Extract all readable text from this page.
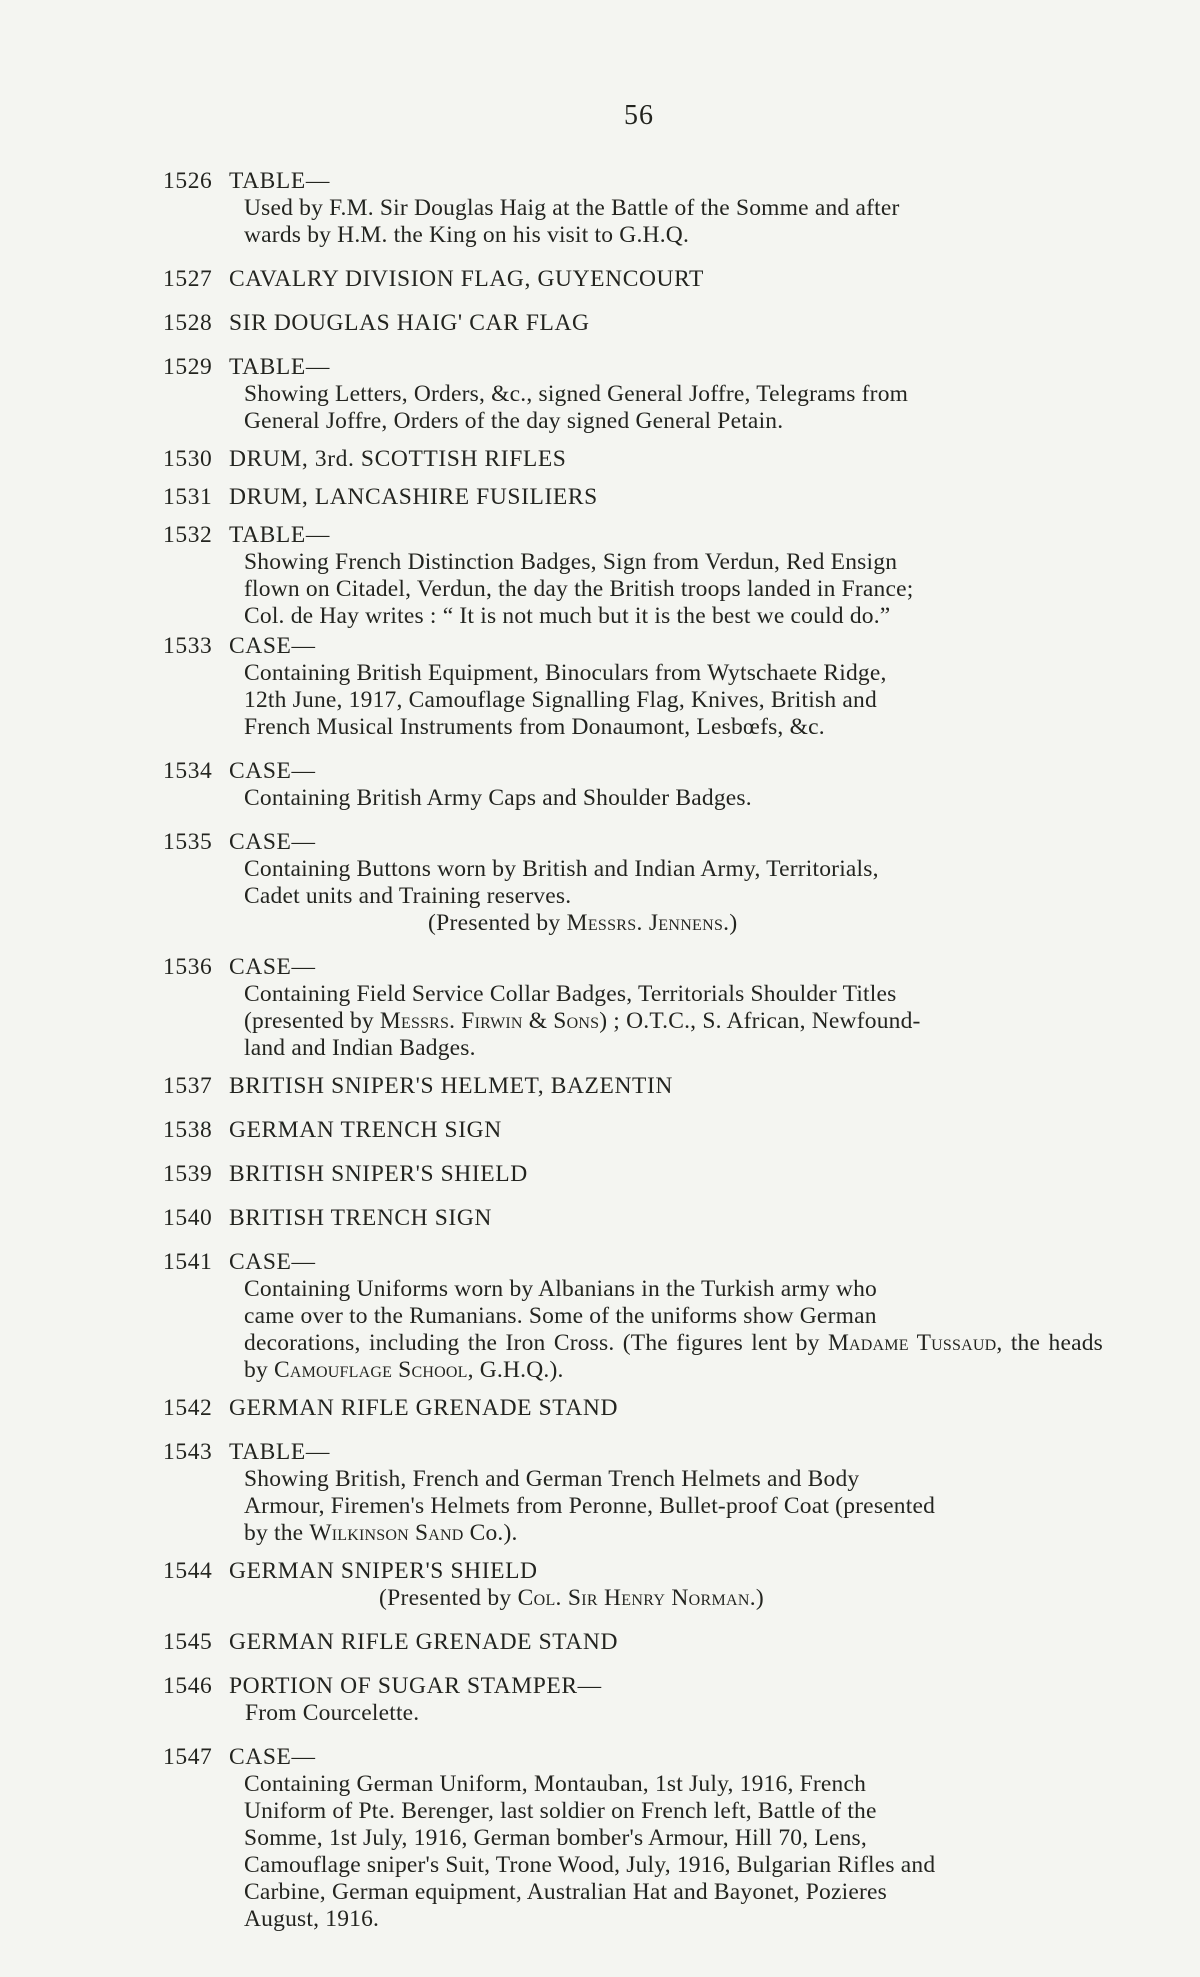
56
1526 TABLE—
Used by F.M. Sir Douglas Haig at the Battle of the Somme and after
wards by H.M. the King on his visit to G.H.Q.
1527 CAVALRY DIVISION FLAG, GUYENCOURT
1528 SIR DOUGLAS HAIG' CAR FLAG
1529 TABLE—
Showing Letters, Orders, &c., signed General Joffre, Telegrams from
General Joffre, Orders of the day signed General Petain.
1530 DRUM, 3rd. SCOTTISH RIFLES
1531 DRUM, LANCASHIRE FUSILIERS
1532 TABLE—
Showing French Distinction Badges, Sign from Verdun, Red Ensign
flown on Citadel, Verdun, the day the British troops landed in France;
Col. de Hay writes : “ It is not much but it is the best we could do.”
1533 CASE—
Containing British Equipment, Binoculars from Wytschaete Ridge,
12th June, 1917, Camouflage Signalling Flag, Knives, British and
French Musical Instruments from Donaumont, Lesbœfs, &c.
1534 CASE—
Containing British Army Caps and Shoulder Badges.
1535 CASE—
Containing Buttons worn by British and Indian Army, Territorials,
Cadet units and Training reserves.
(Presented by Messrs. Jennens.)
1536 CASE—
Containing Field Service Collar Badges, Territorials Shoulder Titles
(presented by Messrs. Firwin & Sons) ; O.T.C., S. African, Newfound-
land and Indian Badges.
1537 BRITISH SNIPER'S HELMET, BAZENTIN
1538 GERMAN TRENCH SIGN
1539 BRITISH SNIPER'S SHIELD
1540 BRITISH TRENCH SIGN
1541 CASE—
Containing Uniforms worn by Albanians in the Turkish army who
came over to the Rumanians. Some of the uniforms show German
decorations, including the Iron Cross. (The figures lent by Madame Tussaud, the heads by Camouflage School, G.H.Q.).
1542 GERMAN RIFLE GRENADE STAND
1543 TABLE—
Showing British, French and German Trench Helmets and Body
Armour, Firemen's Helmets from Peronne, Bullet-proof Coat (presented
by the Wilkinson Sand Co.).
1544 GERMAN SNIPER'S SHIELD
(Presented by Col. Sir Henry Norman.)
1545 GERMAN RIFLE GRENADE STAND
1546 PORTION OF SUGAR STAMPER—
From Courcelette.
1547 CASE—
Containing German Uniform, Montauban, 1st July, 1916, French
Uniform of Pte. Berenger, last soldier on French left, Battle of the
Somme, 1st July, 1916, German bomber's Armour, Hill 70, Lens,
Camouflage sniper's Suit, Trone Wood, July, 1916, Bulgarian Rifles and
Carbine, German equipment, Australian Hat and Bayonet, Pozieres
August, 1916.
